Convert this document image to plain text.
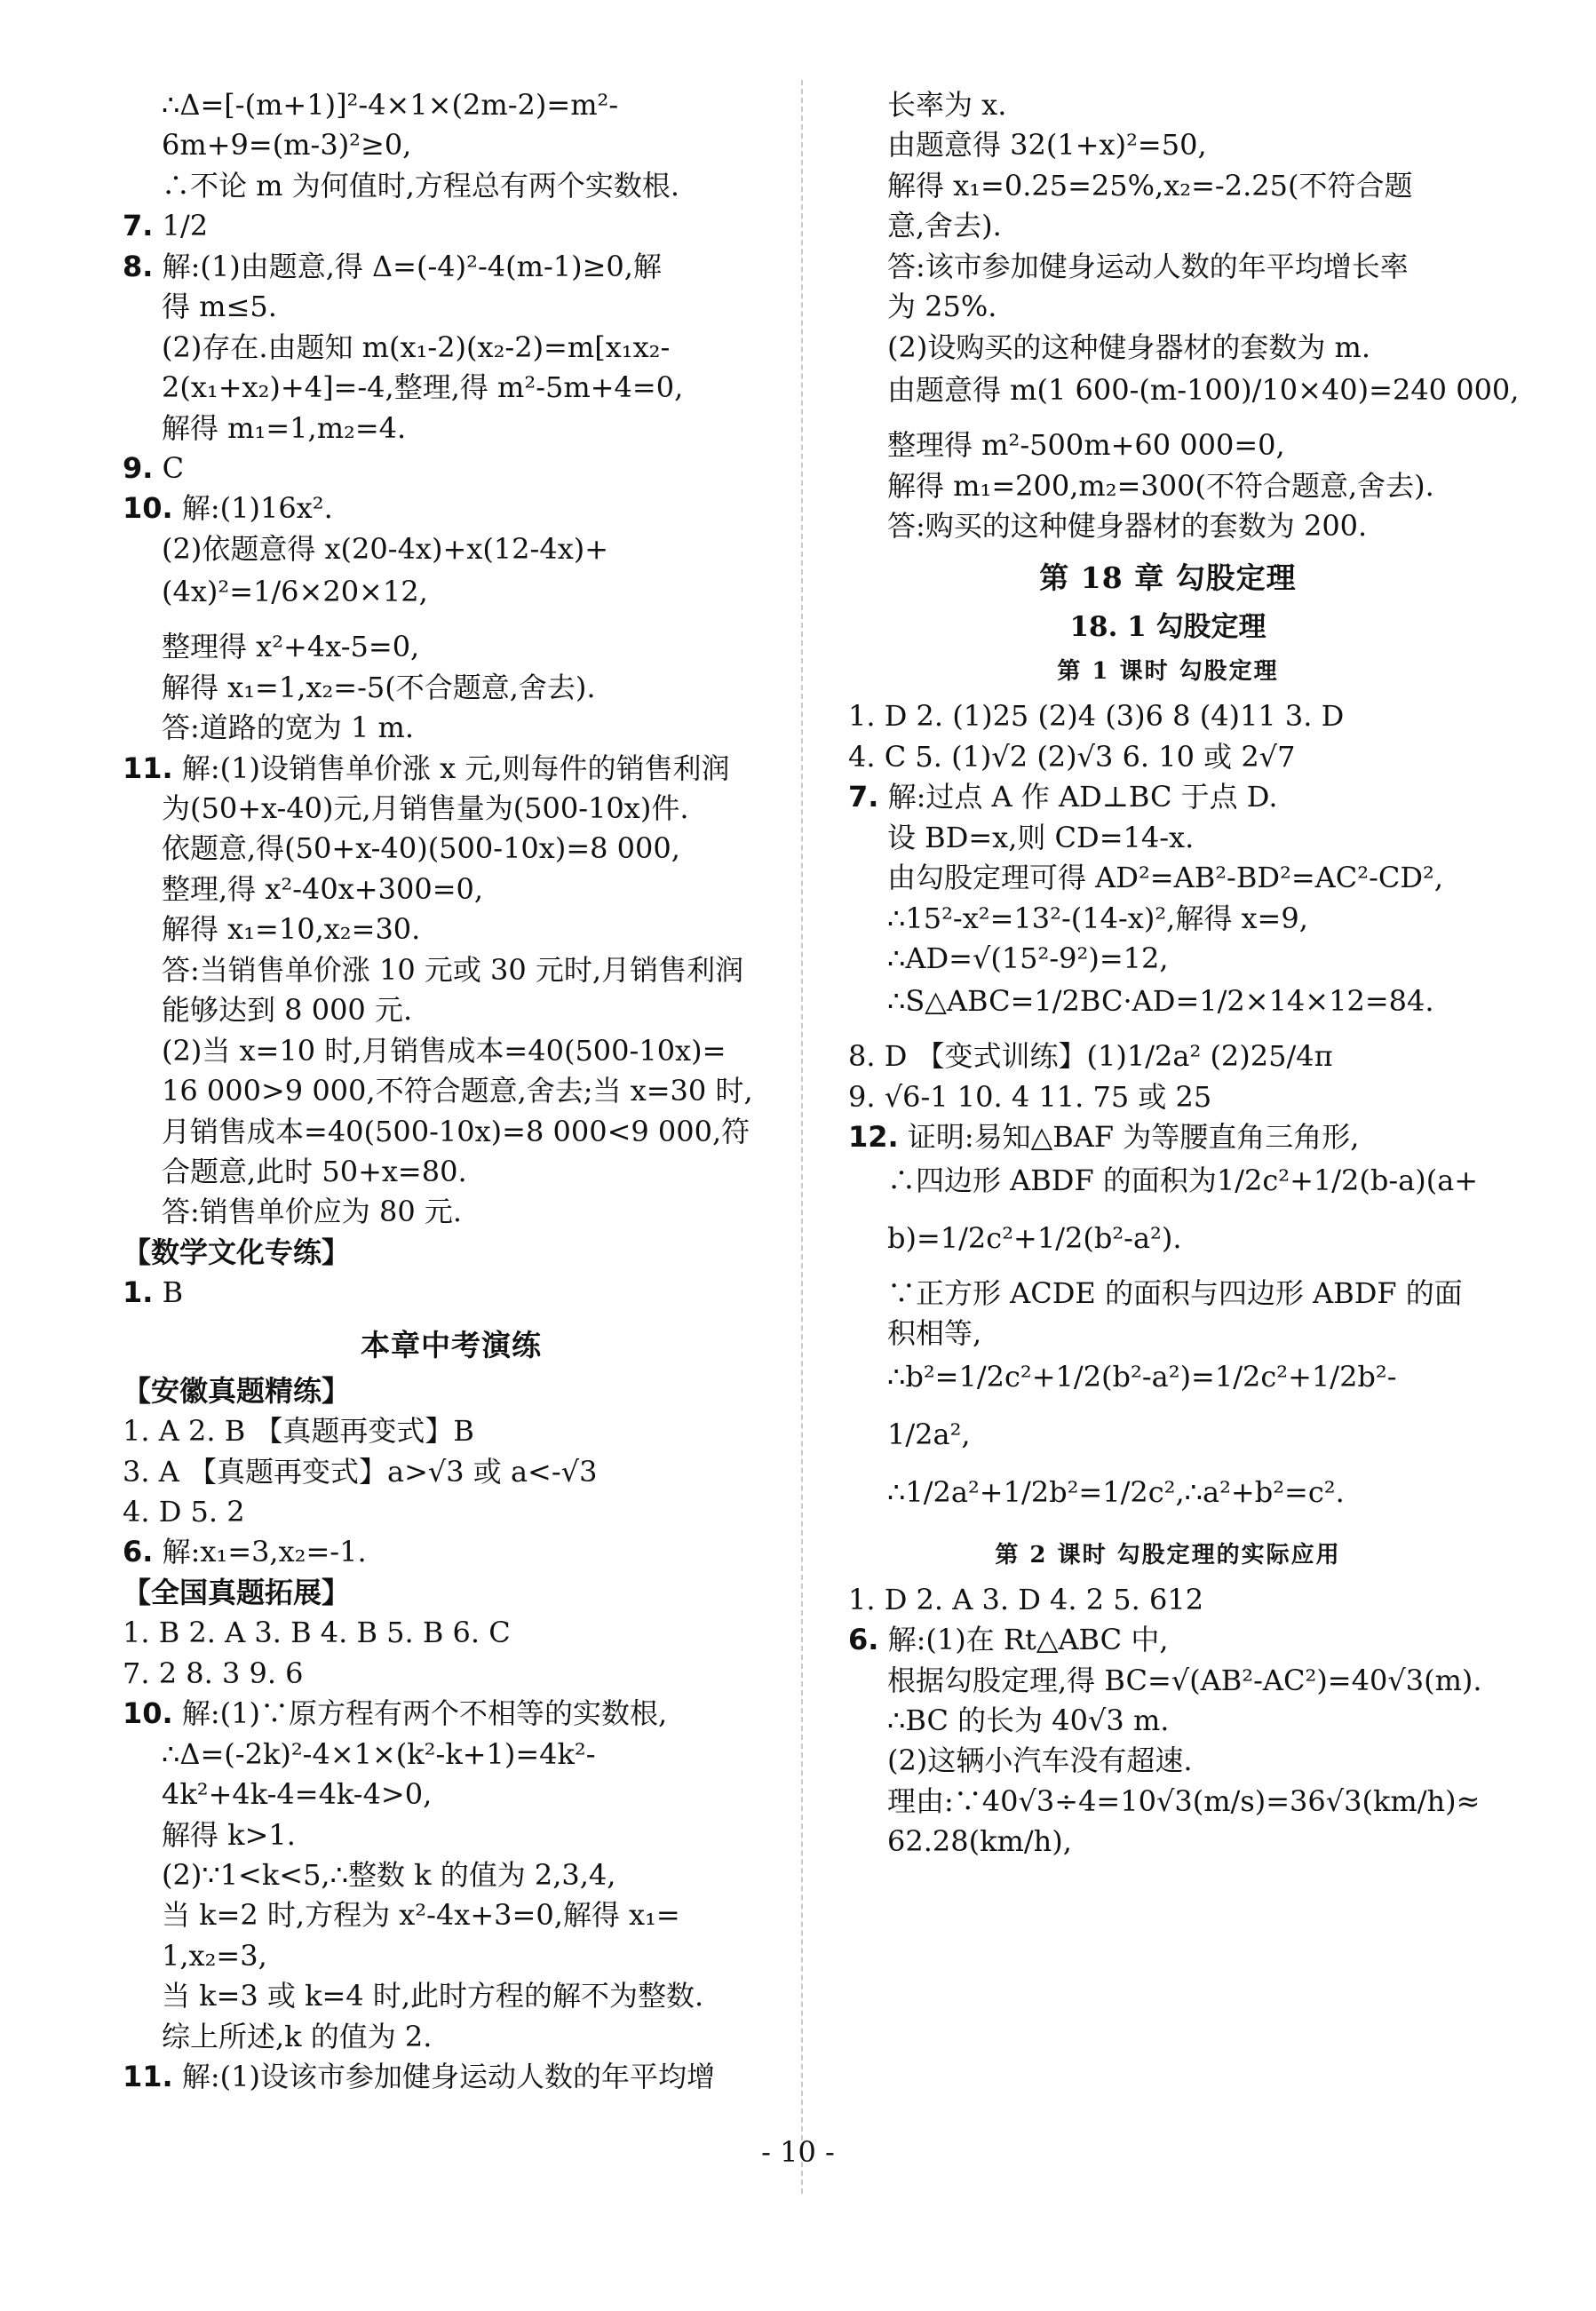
∴Δ=[-(m+1)]²-4×1×(2m-2)=m²-
6m+9=(m-3)²≥0,
∴不论 m 为何值时,方程总有两个实数根.
7. 1/2
8. 解:(1)由题意,得 Δ=(-4)²-4(m-1)≥0,解
得 m≤5.
(2)存在.由题知 m(x₁-2)(x₂-2)=m[x₁x₂-
2(x₁+x₂)+4]=-4,整理,得 m²-5m+4=0,
解得 m₁=1,m₂=4.
9. C
10. 解:(1)16x².
(2)依题意得 x(20-4x)+x(12-4x)+
(4x)²=1/6×20×12,
整理得 x²+4x-5=0,
解得 x₁=1,x₂=-5(不合题意,舍去).
答:道路的宽为 1 m.
11. 解:(1)设销售单价涨 x 元,则每件的销售利润
为(50+x-40)元,月销售量为(500-10x)件.
依题意,得(50+x-40)(500-10x)=8 000,
整理,得 x²-40x+300=0,
解得 x₁=10,x₂=30.
答:当销售单价涨 10 元或 30 元时,月销售利润
能够达到 8 000 元.
(2)当 x=10 时,月销售成本=40(500-10x)=
16 000>9 000,不符合题意,舍去;当 x=30 时,
月销售成本=40(500-10x)=8 000<9 000,符
合题意,此时 50+x=80.
答:销售单价应为 80 元.
【数学文化专练】
1. B
本章中考演练
【安徽真题精练】
1. A 2. B 【真题再变式】B
3. A 【真题再变式】a>√3 或 a<-√3
4. D 5. 2
6. 解:x₁=3,x₂=-1.
【全国真题拓展】
1. B 2. A 3. B 4. B 5. B 6. C
7. 2 8. 3 9. 6
10. 解:(1)∵原方程有两个不相等的实数根,
∴Δ=(-2k)²-4×1×(k²-k+1)=4k²-
4k²+4k-4=4k-4>0,
解得 k>1.
(2)∵1<k<5,∴整数 k 的值为 2,3,4,
当 k=2 时,方程为 x²-4x+3=0,解得 x₁=
1,x₂=3,
当 k=3 或 k=4 时,此时方程的解不为整数.
综上所述,k 的值为 2.
11. 解:(1)设该市参加健身运动人数的年平均增
长率为 x.
由题意得 32(1+x)²=50,
解得 x₁=0.25=25%,x₂=-2.25(不符合题
意,舍去).
答:该市参加健身运动人数的年平均增长率
为 25%.
(2)设购买的这种健身器材的套数为 m.
由题意得 m(1 600-(m-100)/10×40)=240 000,
整理得 m²-500m+60 000=0,
解得 m₁=200,m₂=300(不符合题意,舍去).
答:购买的这种健身器材的套数为 200.
第 18 章 勾股定理
18. 1 勾股定理
第 1 课时 勾股定理
1. D 2. (1)25 (2)4 (3)6 8 (4)11 3. D
4. C 5. (1)√2 (2)√3 6. 10 或 2√7
7. 解:过点 A 作 AD⊥BC 于点 D.
设 BD=x,则 CD=14-x.
由勾股定理可得 AD²=AB²-BD²=AC²-CD²,
∴15²-x²=13²-(14-x)²,解得 x=9,
∴AD=√(15²-9²)=12,
∴S△ABC=1/2BC·AD=1/2×14×12=84.
8. D 【变式训练】(1)1/2a² (2)25/4π
9. √6-1 10. 4 11. 75 或 25
12. 证明:易知△BAF 为等腰直角三角形,
∴四边形 ABDF 的面积为1/2c²+1/2(b-a)(a+
b)=1/2c²+1/2(b²-a²).
∵正方形 ACDE 的面积与四边形 ABDF 的面
积相等,
∴b²=1/2c²+1/2(b²-a²)=1/2c²+1/2b²-
1/2a²,
∴1/2a²+1/2b²=1/2c²,∴a²+b²=c².
第 2 课时 勾股定理的实际应用
1. D 2. A 3. D 4. 2 5. 612
6. 解:(1)在 Rt△ABC 中,
根据勾股定理,得 BC=√(AB²-AC²)=40√3(m).
∴BC 的长为 40√3 m.
(2)这辆小汽车没有超速.
理由:∵40√3÷4=10√3(m/s)=36√3(km/h)≈
62.28(km/h),
- 10 -
